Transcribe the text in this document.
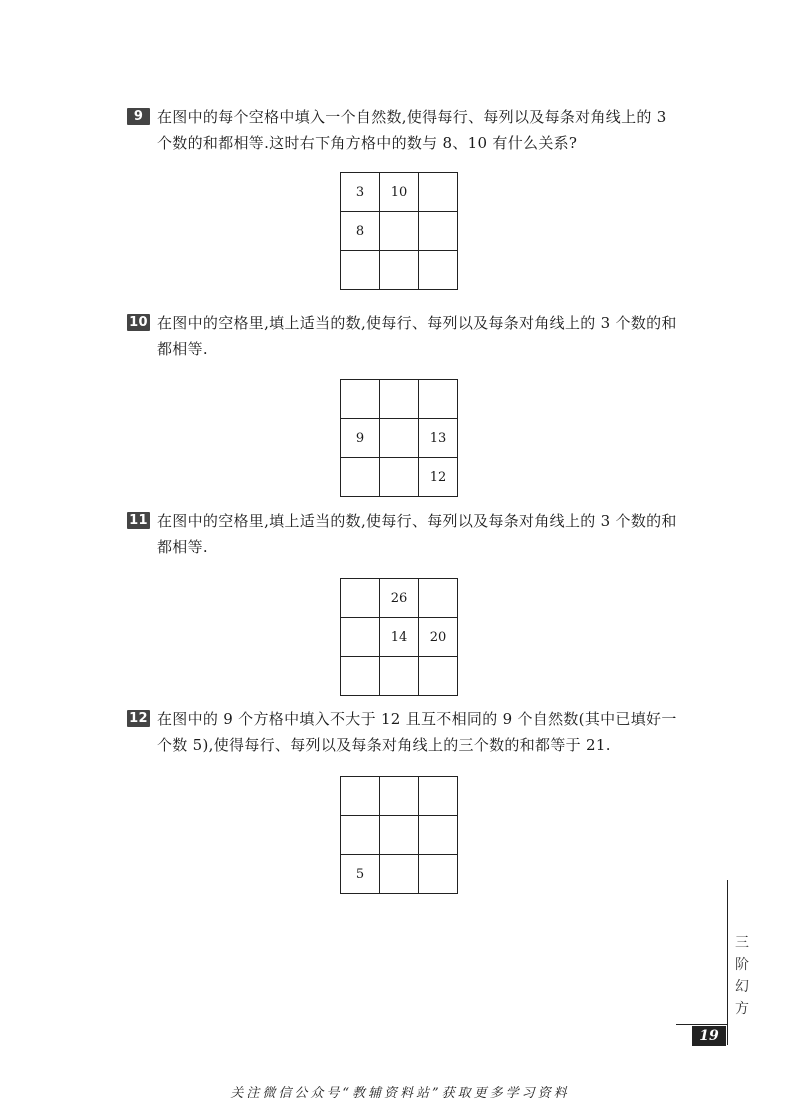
9 在图中的每个空格中填入一个自然数,使得每行、每列以及每条对角线上的 3
个数的和都相等.这时右下角方格中的数与 8、10 有什么关系?
3	10	
8		

10 在图中的空格里,填上适当的数,使每行、每列以及每条对角线上的 3 个数的和
都相等.

9		13
		12
11 在图中的空格里,填上适当的数,使每行、每列以及每条对角线上的 3 个数的和
都相等.
	26	
	14	20

12 在图中的 9 个方格中填入不大于 12 且互不相同的 9 个自然数(其中已填好一
个数 5),使得每行、每列以及每条对角线上的三个数的和都等于 21.

5		
三
阶
幻
方
19
关注微信公众号“教辅资料站”获取更多学习资料
